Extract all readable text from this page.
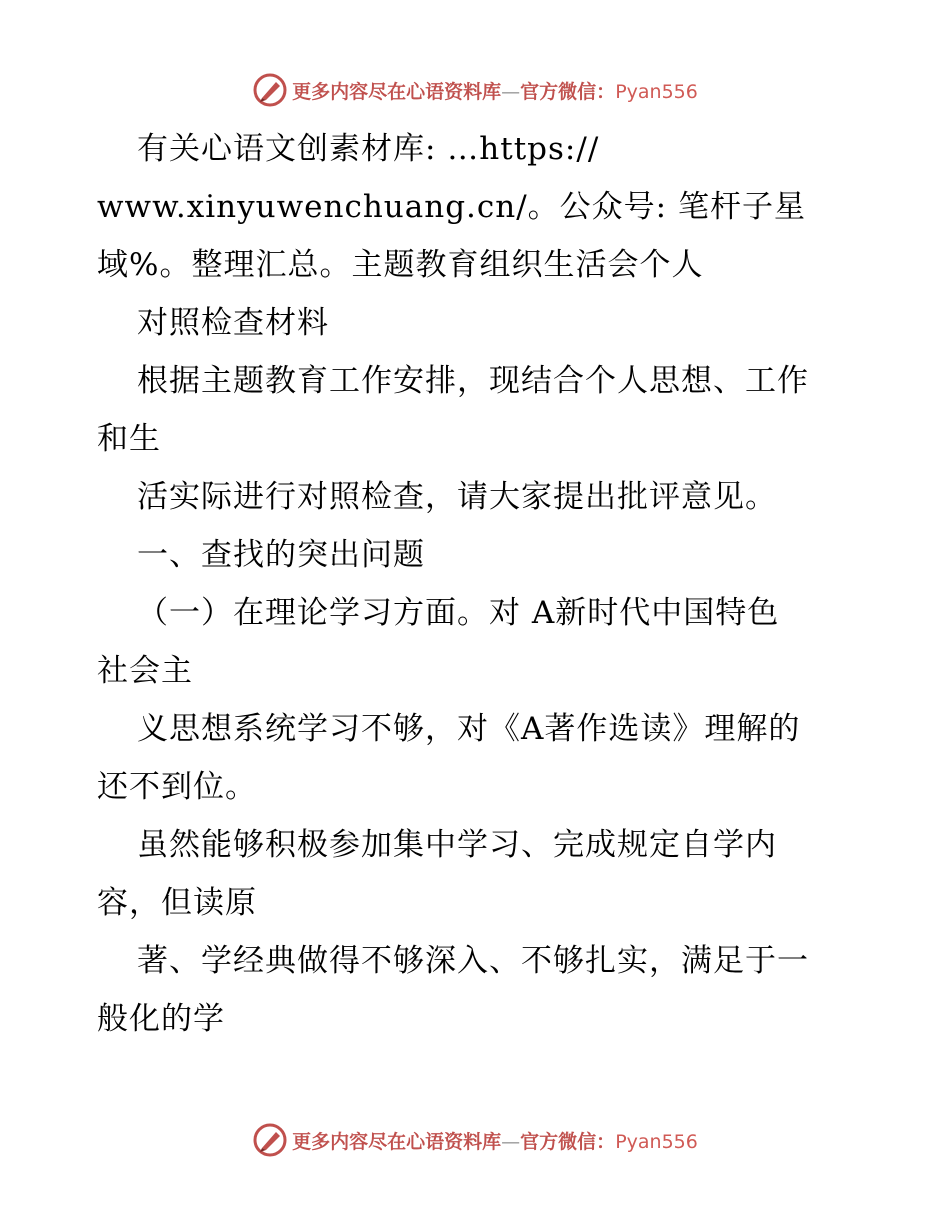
更多内容尽在心语资料库—官方微信：Pyan556
有关心语文创素材库: …https://
www.xinyuwenchuang.cn/。公众号: 笔杆子星
域%。整理汇总。主题教育组织生活会个人
对照检查材料
根据主题教育工作安排，现结合个人思想、工作
和生
活实际进行对照检查，请大家提出批评意见。
一、查找的突出问题
（一）在理论学习方面。对 A新时代中国特色
社会主
义思想系统学习不够，对《A著作选读》理解的
还不到位。
虽然能够积极参加集中学习、完成规定自学内
容，但读原
著、学经典做得不够深入、不够扎实，满足于一
般化的学
更多内容尽在心语资料库—官方微信：Pyan556
